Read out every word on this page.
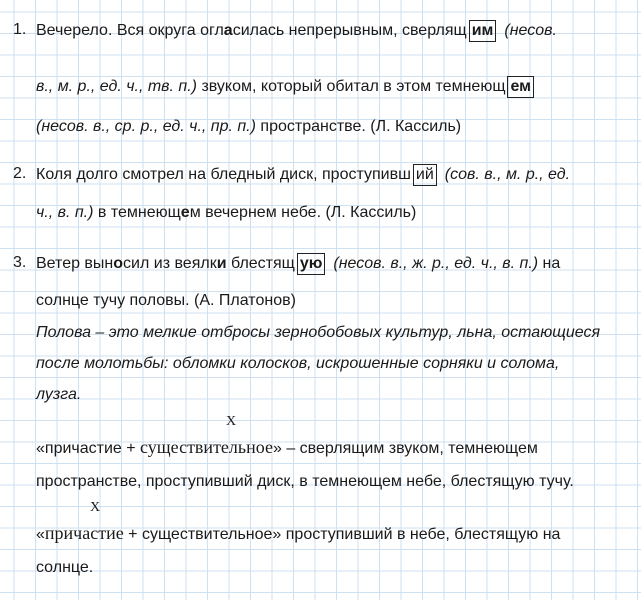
1. Вечерело. Вся округа огласилась непрерывным, сверлящ им (несов.
в., м. р., ед. ч., тв. п.) звуком, который обитал в этом темнеющ ем
(несов. в., ср. р., ед. ч., пр. п.) пространстве. (Л. Кассиль)
2. Коля долго смотрел на бледный диск, проступивш ий (сов. в., м. р., ед.
ч., в. п.) в темнеющем вечернем небе. (Л. Кассиль)
3. Ветер выносил из веялки блестящ ую (несов. в., ж. р., ед. ч., в. п.) на
солнце тучу половы. (А. Платонов)
Полова – это мелкие отбросы зернобобовых культур, льна, остающиеся
после молотьбы: обломки колосков, искрошенные сорняки и солома,
лузга.
X
«причастие + существительное» – сверлящим звуком, темнеющем
пространстве, проступивший диск, в темнеющем небе, блестящую тучу.
X
«причастие + существительное» проступивший в небе, блестящую на
солнце.
